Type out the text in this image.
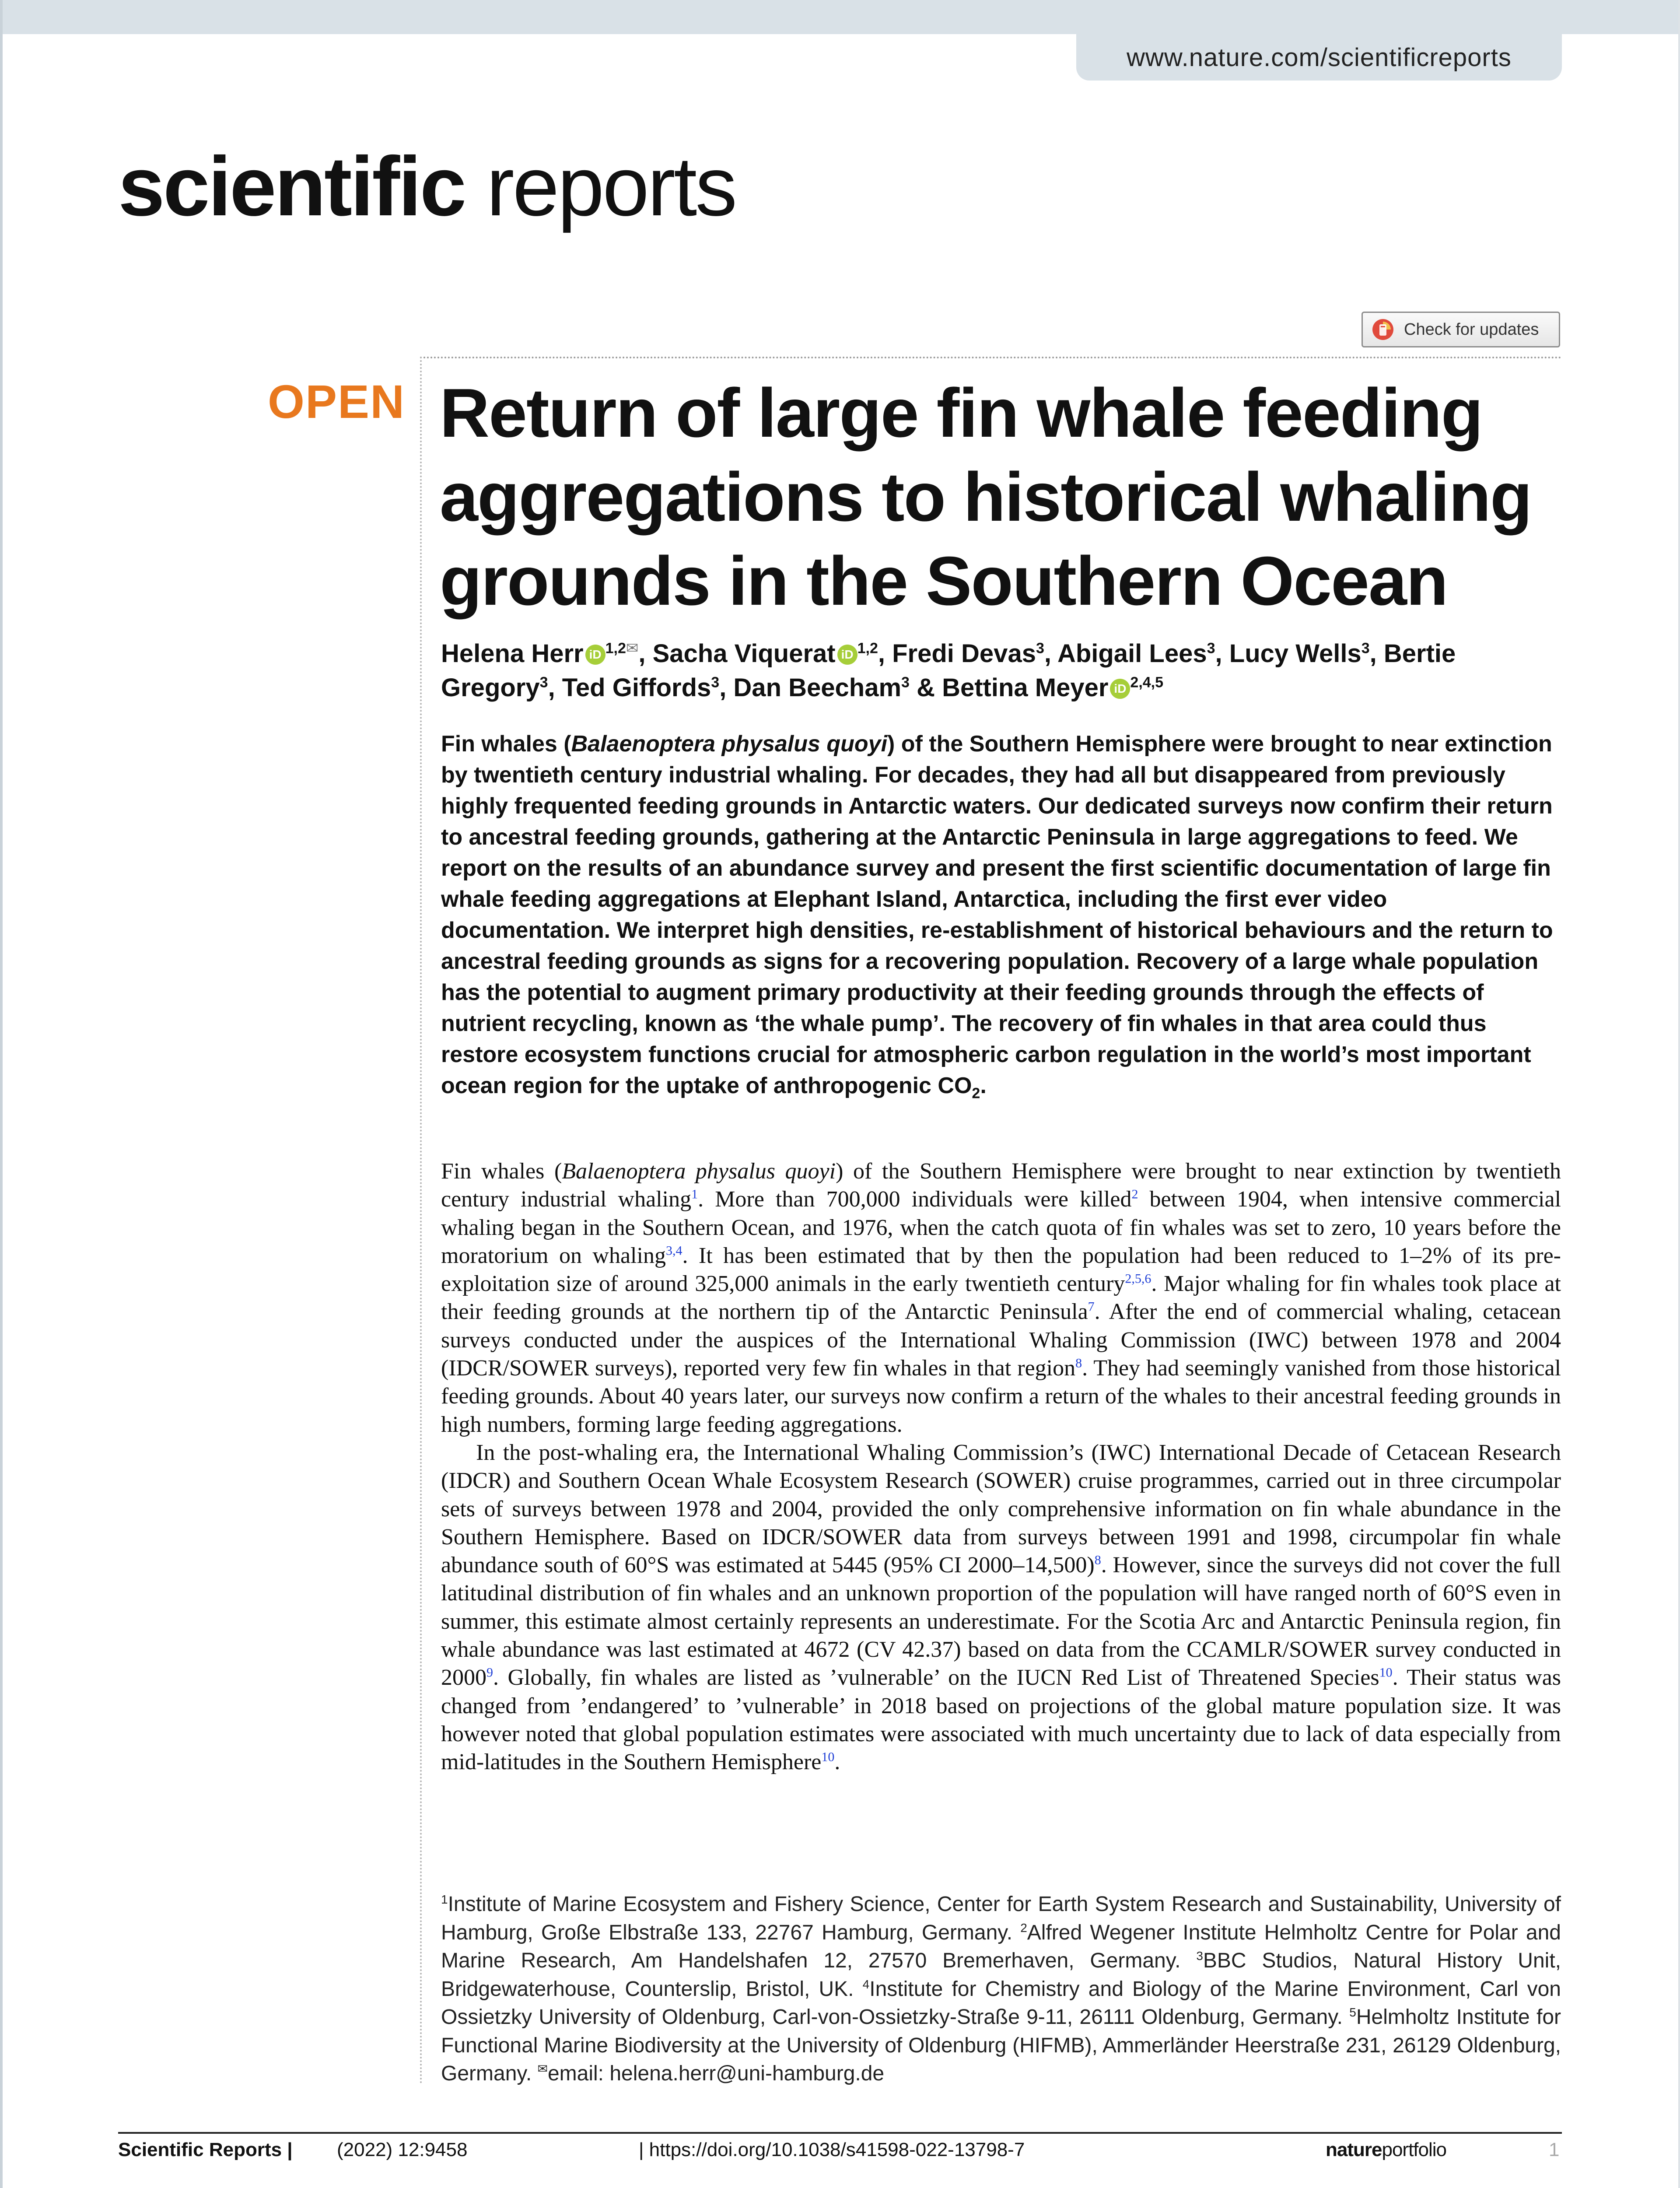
www.nature.com/scientificreports
scientific reports
Check for updates
OPEN Return of large fin whale feeding aggregations to historical whaling grounds in the Southern Ocean
Helena Herr iD $^{1,2✉}$, Sacha Viquerat iD $^{1,2}$, Fredi Devas$^3$, Abigail Lees$^3$, Lucy Wells$^3$, Bertie Gregory$^3$, Ted Giffords$^3$, Dan Beecham$^3$ & Bettina Meyer iD $^{2,4,5}$

Fin whales (Balaenoptera physalus quoyi) of the Southern Hemisphere were brought to near extinction by twentieth century industrial whaling. For decades, they had all but disappeared from previously highly frequented feeding grounds in Antarctic waters. Our dedicated surveys now confirm their return to ancestral feeding grounds, gathering at the Antarctic Peninsula in large aggregations to feed. We report on the results of an abundance survey and present the first scientific documentation of large fin whale feeding aggregations at Elephant Island, Antarctica, including the first ever video documentation. We interpret high densities, re-establishment of historical behaviours and the return to ancestral feeding grounds as signs for a recovering population. Recovery of a large whale population has the potential to augment primary productivity at their feeding grounds through the effects of nutrient recycling, known as ‘the whale pump’. The recovery of fin whales in that area could thus restore ecosystem functions crucial for atmospheric carbon regulation in the world’s most important ocean region for the uptake of anthropogenic $CO_2$.

Fin whales (Balaenoptera physalus quoyi) of the Southern Hemisphere were brought to near extinction by twentieth century industrial whaling$^1$. More than 700,000 individuals were killed$^2$ between 1904, when intensive commercial whaling began in the Southern Ocean, and 1976, when the catch quota of fin whales was set to zero, 10 years before the moratorium on whaling$^{3,4}$. It has been estimated that by then the population had been reduced to 1–2% of its pre-exploitation size of around 325,000 animals in the early twentieth century$^{2,5,6}$. Major whaling for fin whales took place at their feeding grounds at the northern tip of the Antarctic Peninsula$^7$. After the end of commercial whaling, cetacean surveys conducted under the auspices of the International Whaling Commission (IWC) between 1978 and 2004 (IDCR/SOWER surveys), reported very few fin whales in that region$^8$. They had seemingly vanished from those historical feeding grounds. About 40 years later, our surveys now confirm a return of the whales to their ancestral feeding grounds in high numbers, forming large feeding aggregations.

In the post-whaling era, the International Whaling Commission’s (IWC) International Decade of Cetacean Research (IDCR) and Southern Ocean Whale Ecosystem Research (SOWER) cruise programmes, carried out in three circumpolar sets of surveys between 1978 and 2004, provided the only comprehensive information on fin whale abundance in the Southern Hemisphere. Based on IDCR/SOWER data from surveys between 1991 and 1998, circumpolar fin whale abundance south of 60°S was estimated at 5445 (95% CI 2000–14,500)$^8$. However, since the surveys did not cover the full latitudinal distribution of fin whales and an unknown proportion of the population will have ranged north of 60°S even in summer, this estimate almost certainly represents an underestimate. For the Scotia Arc and Antarctic Peninsula region, fin whale abundance was last estimated at 4672 (CV 42.37) based on data from the CCAMLR/SOWER survey conducted in 2000$^9$. Globally, fin whales are listed as ’vulnerable’ on the IUCN Red List of Threatened Species$^{10}$. Their status was changed from ’endangered’ to ’vulnerable’ in 2018 based on projections of the global mature population size. It was however noted that global population estimates were associated with much uncertainty due to lack of data especially from mid-latitudes in the Southern Hemisphere$^{10}$.

$^1$Institute of Marine Ecosystem and Fishery Science, Center for Earth System Research and Sustainability, University of Hamburg, Große Elbstraße 133, 22767 Hamburg, Germany. $^2$Alfred Wegener Institute Helmholtz Centre for Polar and Marine Research, Am Handelshafen 12, 27570 Bremerhaven, Germany. $^3$BBC Studios, Natural History Unit, Bridgewaterhouse, Counterslip, Bristol, UK. $^4$Institute for Chemistry and Biology of the Marine Environment, Carl von Ossietzky University of Oldenburg, Carl-von-Ossietzky-Straße 9-11, 26111 Oldenburg, Germany. $^5$Helmholtz Institute for Functional Marine Biodiversity at the University of Oldenburg (HIFMB), Ammerländer Heerstraße 231, 26129 Oldenburg, Germany. ✉email: helena.herr@uni-hamburg.de

Scientific Reports | (2022) 12:9458	| https://doi.org/10.1038/s41598-022-13798-7	natureportfolio	1
